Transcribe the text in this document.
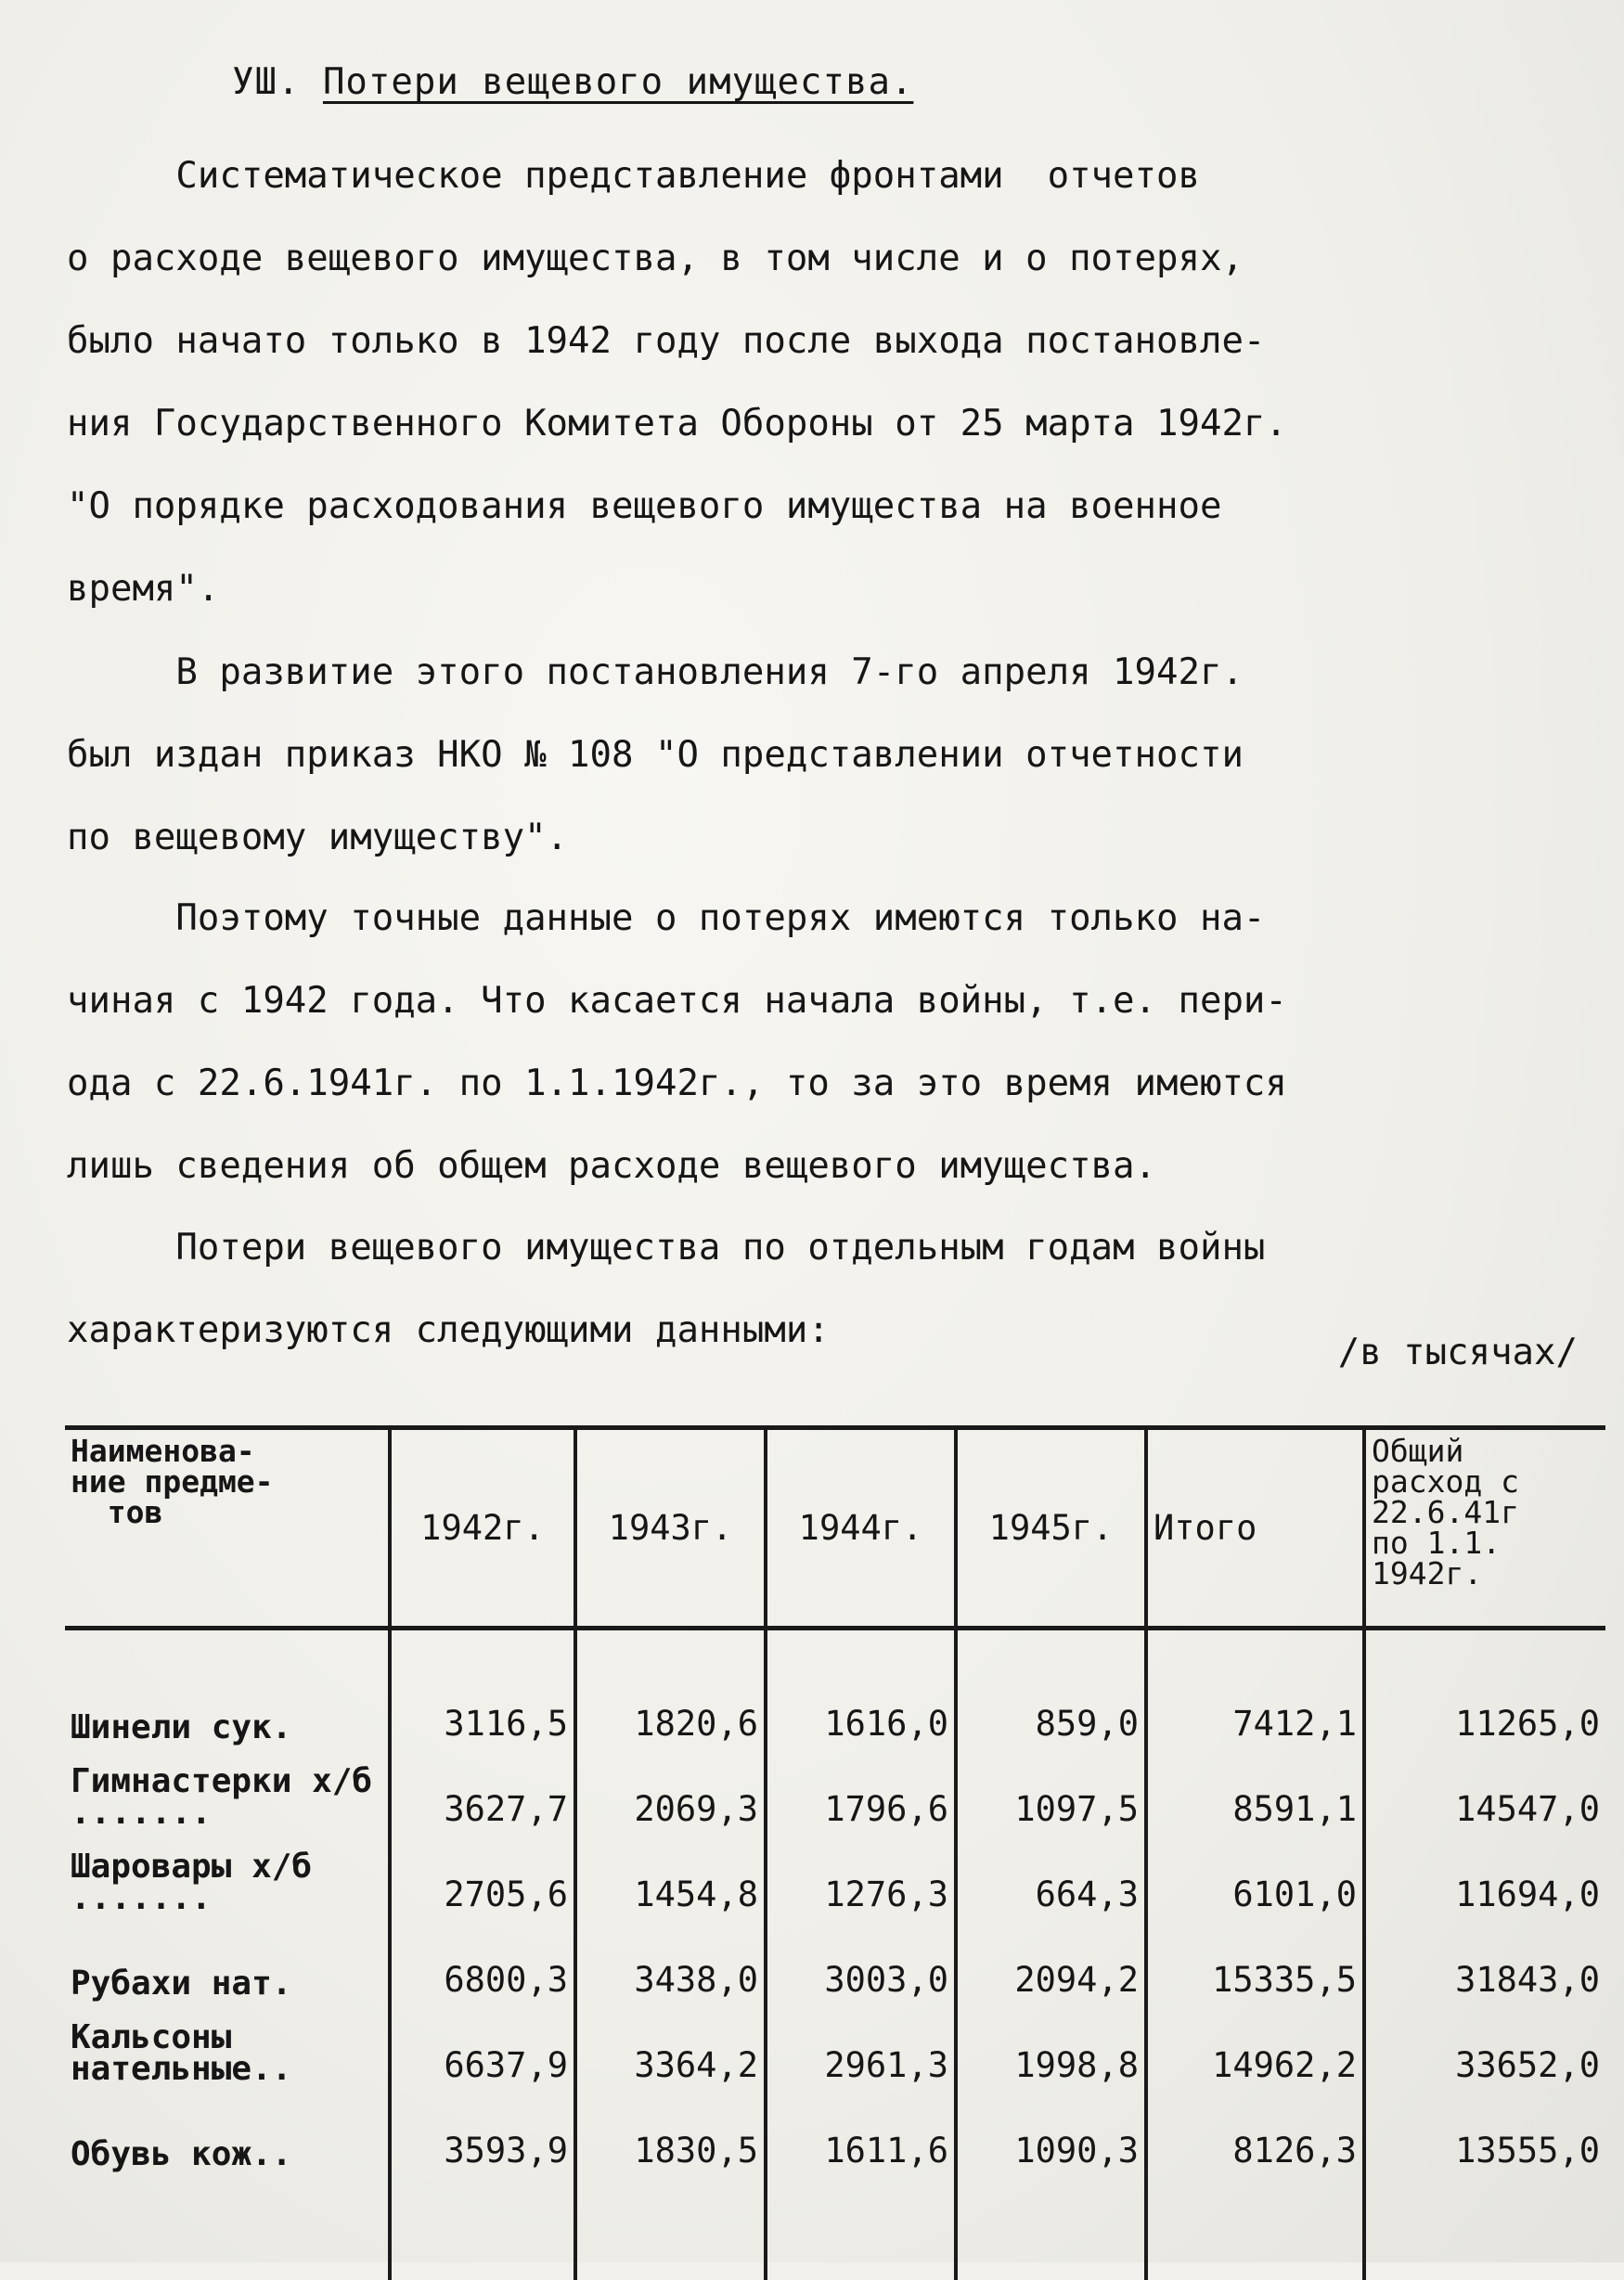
УШ. Потери вещевого имущества.
Систематическое представление фронтами  отчетов
о расходе вещевого имущества, в том числе и о потерях,
было начато только в 1942 году после выхода постановле-
ния Государственного Комитета Обороны от 25 марта 1942г.
"О порядке расходования вещевого имущества на военное
время".
В развитие этого постановления 7-го апреля 1942г.
был издан приказ НКО № 108 "О представлении отчетности
по вещевому имуществу".
Поэтому точные данные о потерях имеются только на-
чиная с 1942 года. Что касается начала войны, т.е. пери-
ода с 22.6.1941г. по 1.1.1942г., то за это время имеются
лишь сведения об общем расходе вещевого имущества.
Потери вещевого имущества по отдельным годам войны
характеризуются следующими данными:
/в тысячах/
Наименова-
ние предме-
тов	1942г.	1943г.	1944г.	1945г.	Итого	Общий
расход с
22.6.41г
по 1.1.
1942г.
Шинели сук.	3116,5	1820,6	1616,0	859,0	7412,1	11265,0
Гимнастерки х/б .......	3627,7	2069,3	1796,6	1097,5	8591,1	14547,0
Шаровары х/б .......	2705,6	1454,8	1276,3	664,3	6101,0	11694,0
Рубахи нат.	6800,3	3438,0	3003,0	2094,2	15335,5	31843,0
Кальсоны нательные..	6637,9	3364,2	2961,3	1998,8	14962,2	33652,0
Обувь кож..	3593,9	1830,5	1611,6	1090,3	8126,3	13555,0
